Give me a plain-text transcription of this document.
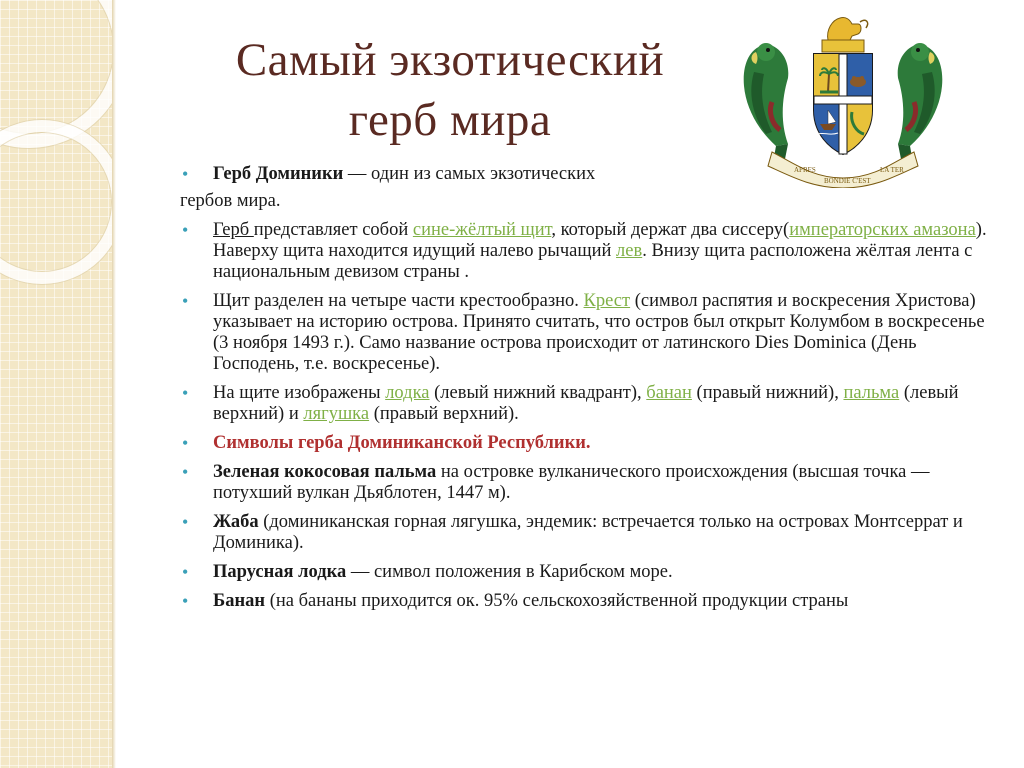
Самый экзотический
герб мира
APRES
BONDIE C'EST
LA TER

• Герб Доминики — один из самых экзотических

гербов мира.

• Герб представляет собой сине-жёлтый щит, который держат два сиссеру(императорских амазона). Наверху щита находится идущий налево рычащий лев. Внизу щита расположена жёлтая лента с национальным девизом страны .

• Щит разделен на четыре части крестообразно. Крест (символ распятия и воскресения Христова) указывает на историю острова. Принято считать, что остров был открыт Колумбом в воскресенье (3 ноября 1493 г.). Само название острова происходит от латинского Dies Dominica (День Господень, т.е. воскресенье).

• На щите изображены лодка (левый нижний квадрант), банан (правый нижний), пальма (левый верхний) и лягушка (правый верхний).

• Символы герба Доминиканской Республики.

• Зеленая кокосовая пальма на островке вулканического происхождения (высшая точка — потухший вулкан Дьяблотен, 1447 м).

• Жаба (доминиканская горная лягушка, эндемик: встречается только на островах Монтсеррат и Доминика).

• Парусная лодка — символ положения в Карибском море.

• Банан (на бананы приходится ок. 95% сельскохозяйственной продукции страны
